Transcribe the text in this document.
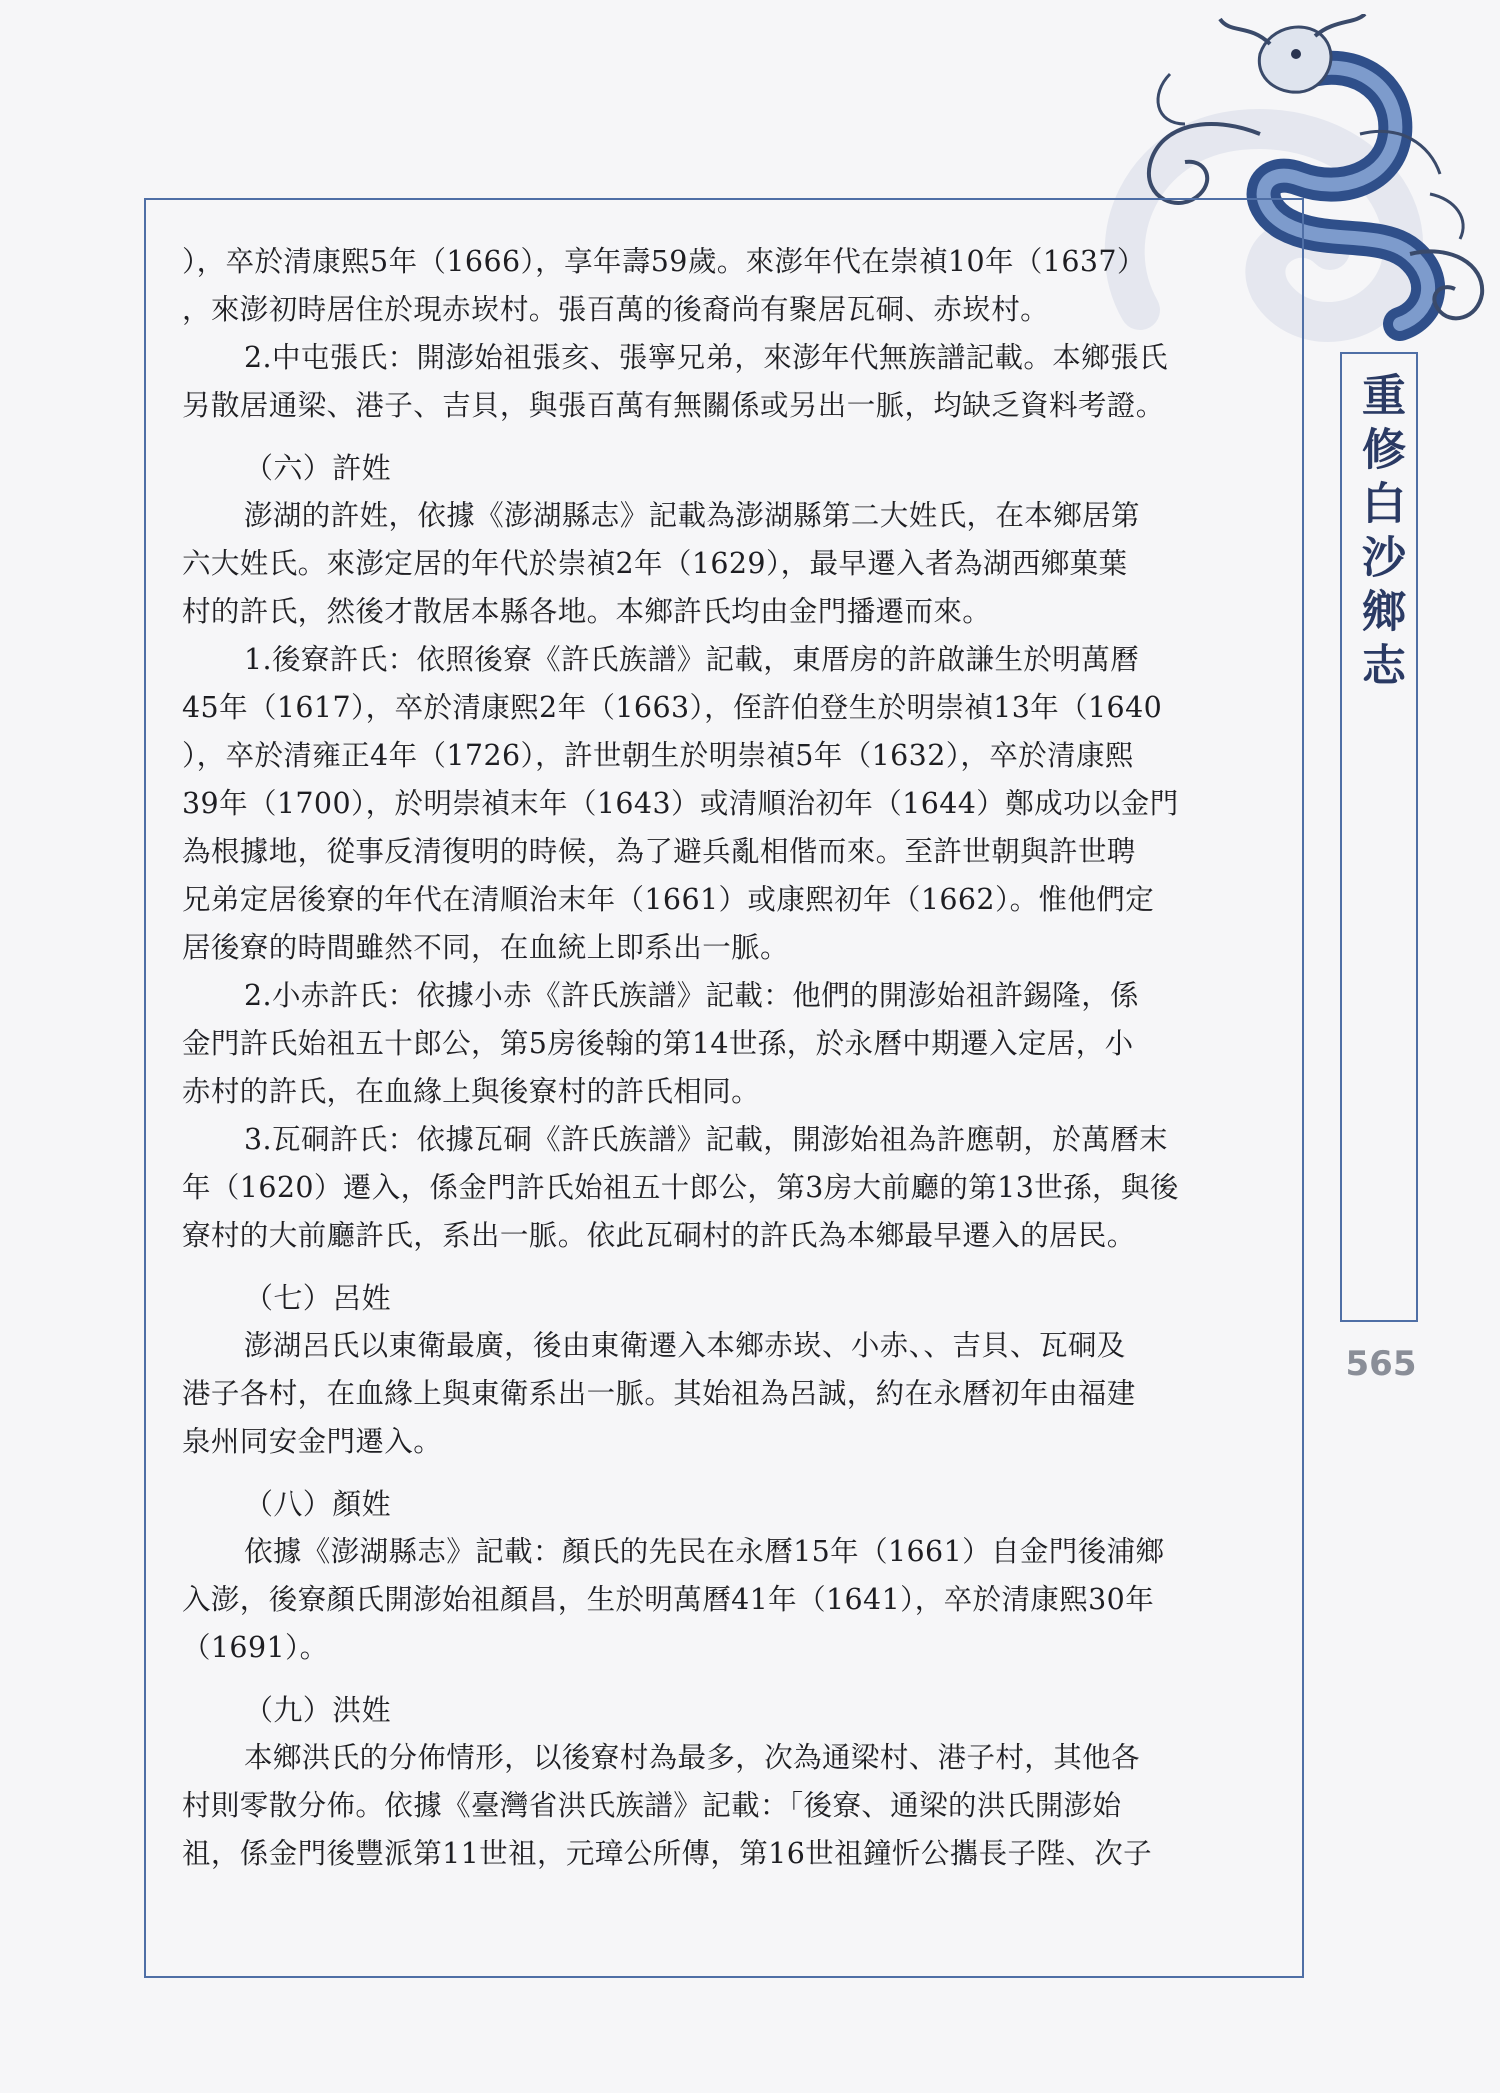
），卒於清康熙5年（1666），享年壽59歲。來澎年代在崇禎10年（1637）
，來澎初時居住於現赤崁村。張百萬的後裔尚有聚居瓦硐、赤崁村。
2.中屯張氏：開澎始祖張亥、張寧兄弟，來澎年代無族譜記載。本鄉張氏
另散居通梁、港子、吉貝，與張百萬有無關係或另出一脈，均缺乏資料考證。
（六）許姓
澎湖的許姓，依據《澎湖縣志》記載為澎湖縣第二大姓氏，在本鄉居第
六大姓氏。來澎定居的年代於崇禎2年（1629），最早遷入者為湖西鄉菓葉
村的許氏，然後才散居本縣各地。本鄉許氏均由金門播遷而來。
1.後寮許氏：依照後寮《許氏族譜》記載，東厝房的許啟謙生於明萬曆
45年（1617），卒於清康熙2年（1663），侄許伯登生於明崇禎13年（1640
），卒於清雍正4年（1726），許世朝生於明崇禎5年（1632），卒於清康熙
39年（1700），於明崇禎末年（1643）或清順治初年（1644）鄭成功以金門
為根據地，從事反清復明的時候，為了避兵亂相偕而來。至許世朝與許世聘
兄弟定居後寮的年代在清順治末年（1661）或康熙初年（1662）。惟他們定
居後寮的時間雖然不同，在血統上即系出一脈。
2.小赤許氏：依據小赤《許氏族譜》記載：他們的開澎始祖許錫隆，係
金門許氏始祖五十郎公，第5房後翰的第14世孫，於永曆中期遷入定居，小
赤村的許氏，在血緣上與後寮村的許氏相同。
3.瓦硐許氏：依據瓦硐《許氏族譜》記載，開澎始祖為許應朝，於萬曆末
年（1620）遷入，係金門許氏始祖五十郎公，第3房大前廳的第13世孫，與後
寮村的大前廳許氏，系出一脈。依此瓦硐村的許氏為本鄉最早遷入的居民。
（七）呂姓
澎湖呂氏以東衛最廣，後由東衛遷入本鄉赤崁、小赤、、吉貝、瓦硐及
港子各村，在血緣上與東衛系出一脈。其始祖為呂誠，約在永曆初年由福建
泉州同安金門遷入。
（八）顏姓
依據《澎湖縣志》記載：顏氏的先民在永曆15年（1661）自金門後浦鄉
入澎，後寮顏氏開澎始祖顏昌，生於明萬曆41年（1641），卒於清康熙30年
（1691）。
（九）洪姓
本鄉洪氏的分佈情形，以後寮村為最多，次為通梁村、港子村，其他各
村則零散分佈。依據《臺灣省洪氏族譜》記載：「後寮、通梁的洪氏開澎始
祖，係金門後豐派第11世祖，元璋公所傳，第16世祖鐘忻公攜長子陛、次子
重修白沙鄉志
565
